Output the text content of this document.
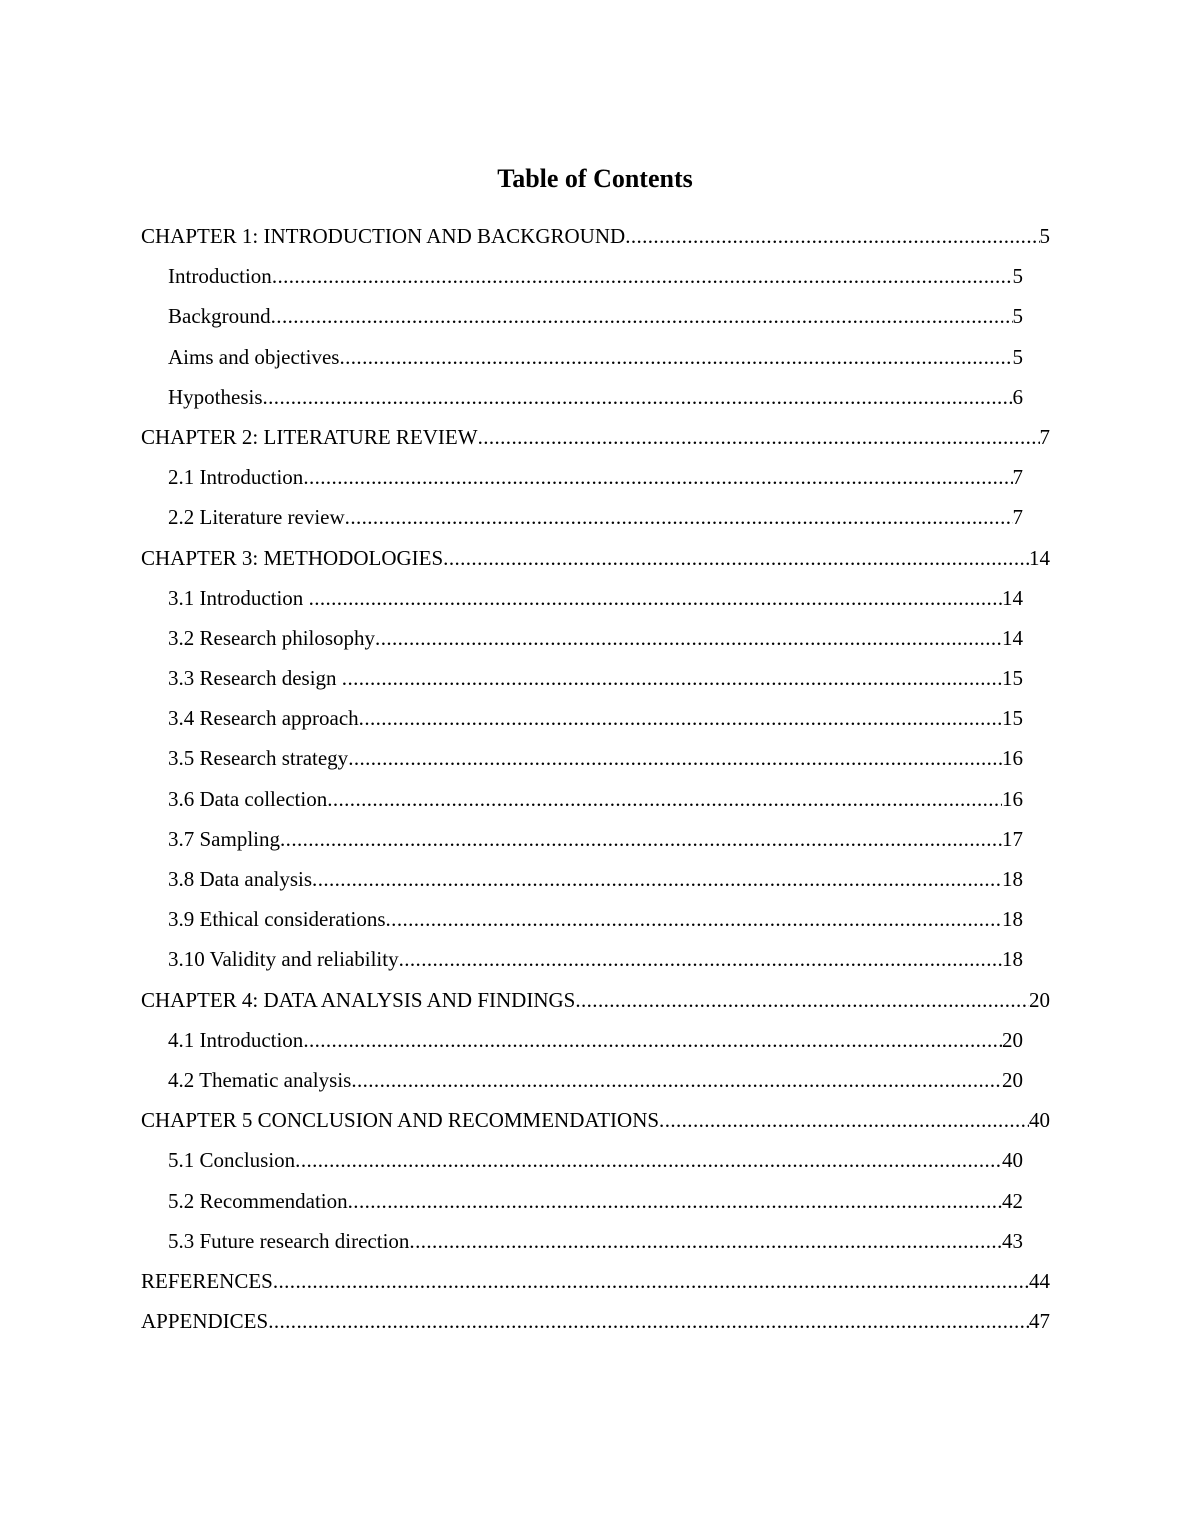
Table of Contents
CHAPTER 1: INTRODUCTION AND BACKGROUND .....	5
Introduction .....	5
Background .....	5
Aims and objectives .....	5
Hypothesis .....	6
CHAPTER 2: LITERATURE REVIEW .....	7
2.1 Introduction .....	7
2.2 Literature review .....	7
CHAPTER 3: METHODOLOGIES .....	14
3.1 Introduction .....	14
3.2 Research philosophy .....	14
3.3 Research design .....	15
3.4 Research approach .....	15
3.5 Research strategy .....	16
3.6 Data collection .....	16
3.7 Sampling .....	17
3.8 Data analysis .....	18
3.9 Ethical considerations .....	18
3.10 Validity and reliability .....	18
CHAPTER 4: DATA ANALYSIS AND FINDINGS .....	20
4.1 Introduction .....	20
4.2 Thematic analysis .....	20
CHAPTER 5 CONCLUSION AND RECOMMENDATIONS .....	40
5.1 Conclusion .....	40
5.2 Recommendation .....	42
5.3 Future research direction .....	43
REFERENCES .....	44
APPENDICES .....	47
